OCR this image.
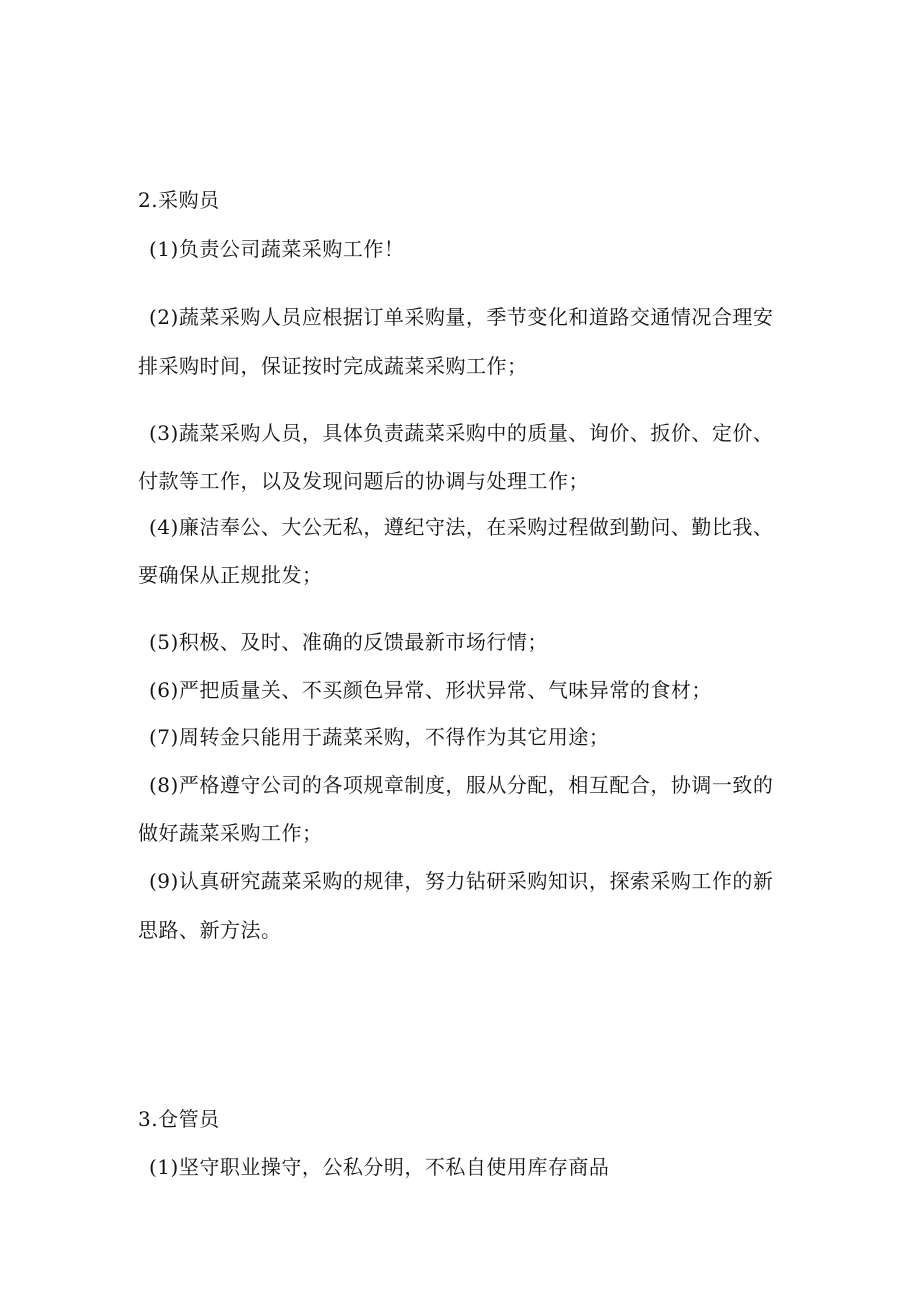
2.采购员
(1)负责公司蔬菜采购工作！
(2)蔬菜采购人员应根据订单采购量，季节变化和道路交通情况合理安
排采购时间，保证按时完成蔬菜采购工作；
(3)蔬菜采购人员，具体负责蔬菜采购中的质量、询价、扳价、定价、
付款等工作，以及发现问题后的协调与处理工作；
(4)廉洁奉公、大公无私，遵纪守法，在采购过程做到勤问、勤比我、
要确保从正规批发；
(5)积极、及时、准确的反馈最新市场行情；
(6)严把质量关、不买颜色异常、形状异常、气味异常的食材；
(7)周转金只能用于蔬菜采购，不得作为其它用途；
(8)严格遵守公司的各项规章制度，服从分配，相互配合，协调一致的
做好蔬菜采购工作；
(9)认真研究蔬菜采购的规律，努力钻研采购知识，探索采购工作的新
思路、新方法。
3.仓管员
(1)坚守职业操守，公私分明，不私自使用库存商品
